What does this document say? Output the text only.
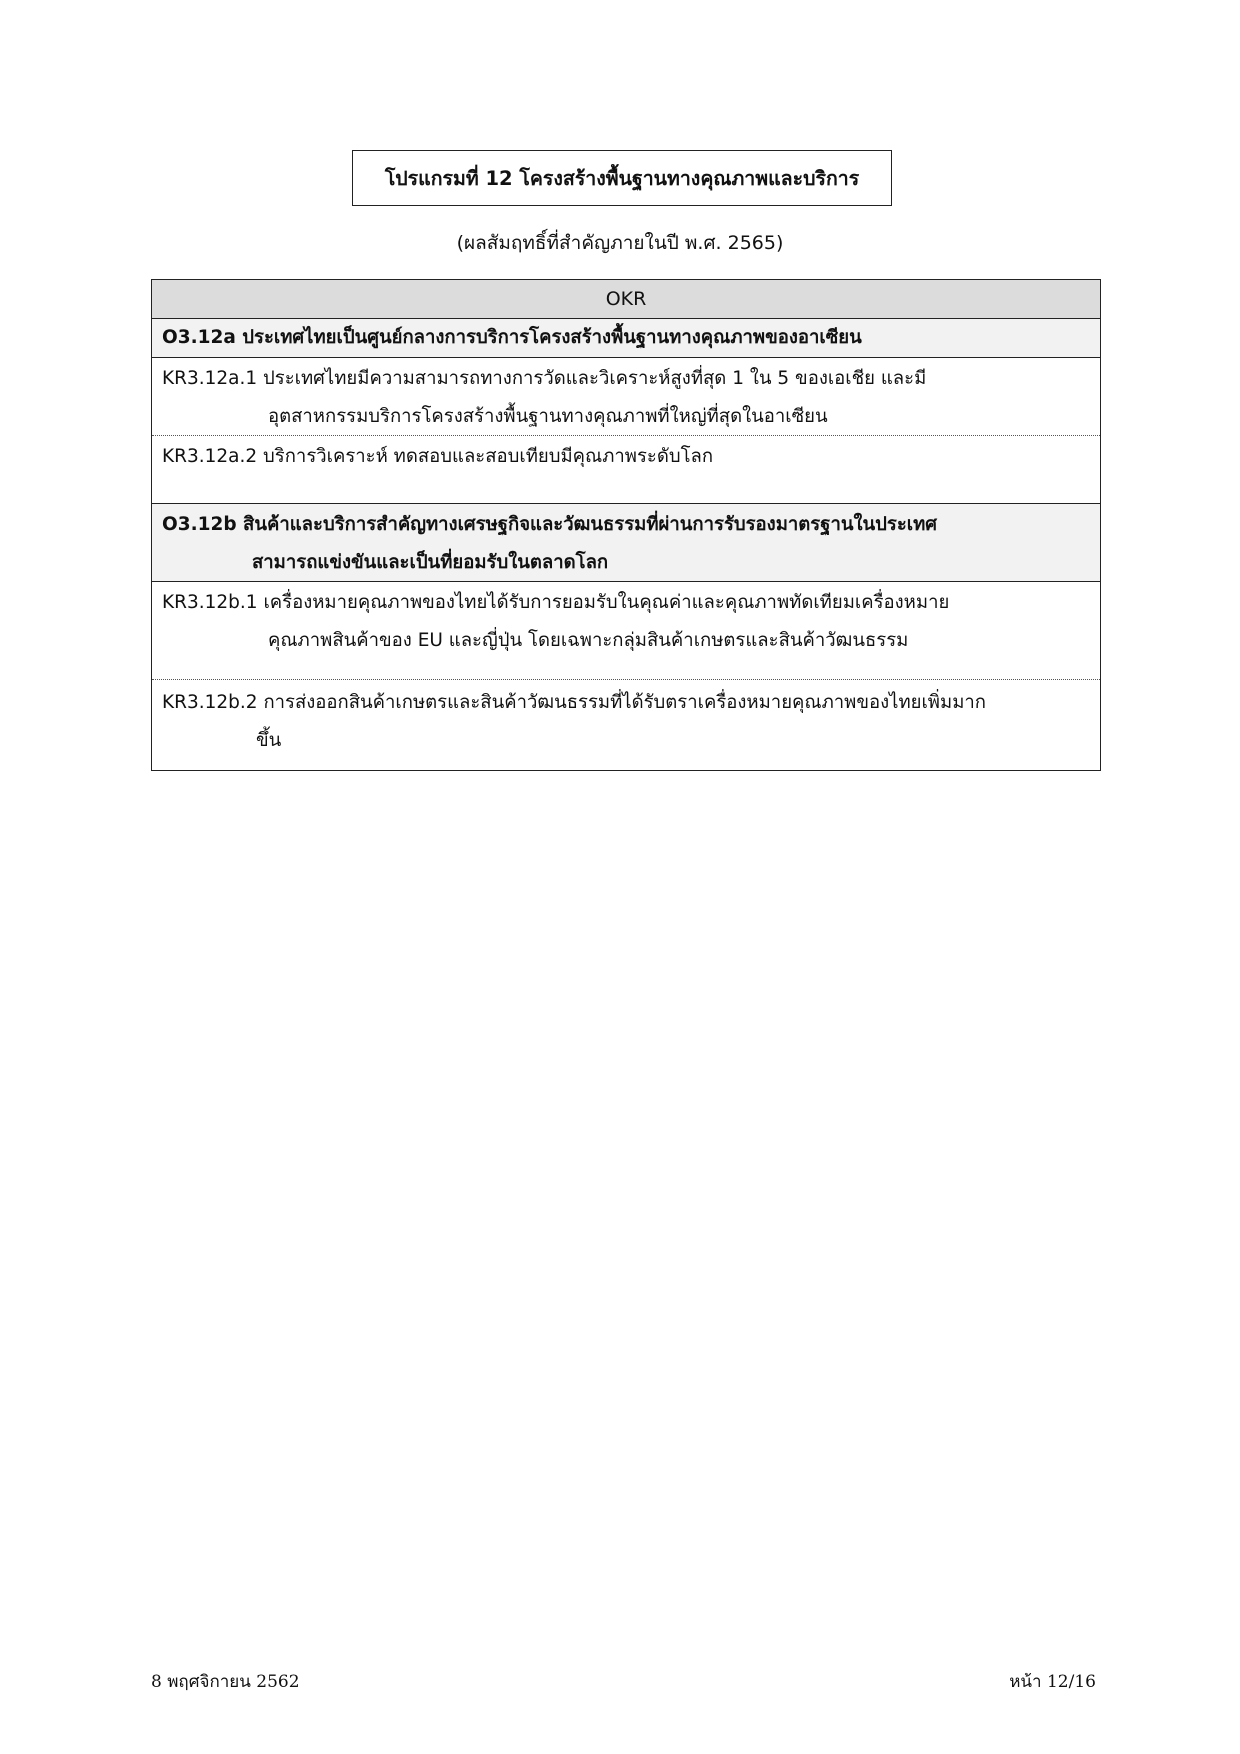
โปรแกรมที่ 12 โครงสร้างพื้นฐานทางคุณภาพและบริการ
(ผลสัมฤทธิ์ที่สำคัญภายในปี พ.ศ. 2565)
OKR
O3.12a ประเทศไทยเป็นศูนย์กลางการบริการโครงสร้างพื้นฐานทางคุณภาพของอาเซียน
KR3.12a.1 ประเทศไทยมีความสามารถทางการวัดและวิเคราะห์สูงที่สุด 1 ใน 5 ของเอเชีย และมี
อุตสาหกรรมบริการโครงสร้างพื้นฐานทางคุณภาพที่ใหญ่ที่สุดในอาเซียน
KR3.12a.2 บริการวิเคราะห์ ทดสอบและสอบเทียบมีคุณภาพระดับโลก
O3.12b สินค้าและบริการสำคัญทางเศรษฐกิจและวัฒนธรรมที่ผ่านการรับรองมาตรฐานในประเทศ
สามารถแข่งขันและเป็นที่ยอมรับในตลาดโลก
KR3.12b.1 เครื่องหมายคุณภาพของไทยได้รับการยอมรับในคุณค่าและคุณภาพทัดเทียมเครื่องหมาย
คุณภาพสินค้าของ EU และญี่ปุ่น โดยเฉพาะกลุ่มสินค้าเกษตรและสินค้าวัฒนธรรม
KR3.12b.2 การส่งออกสินค้าเกษตรและสินค้าวัฒนธรรมที่ได้รับตราเครื่องหมายคุณภาพของไทยเพิ่มมาก
ขึ้น
8 พฤศจิกายน 2562	หน้า 12/16
